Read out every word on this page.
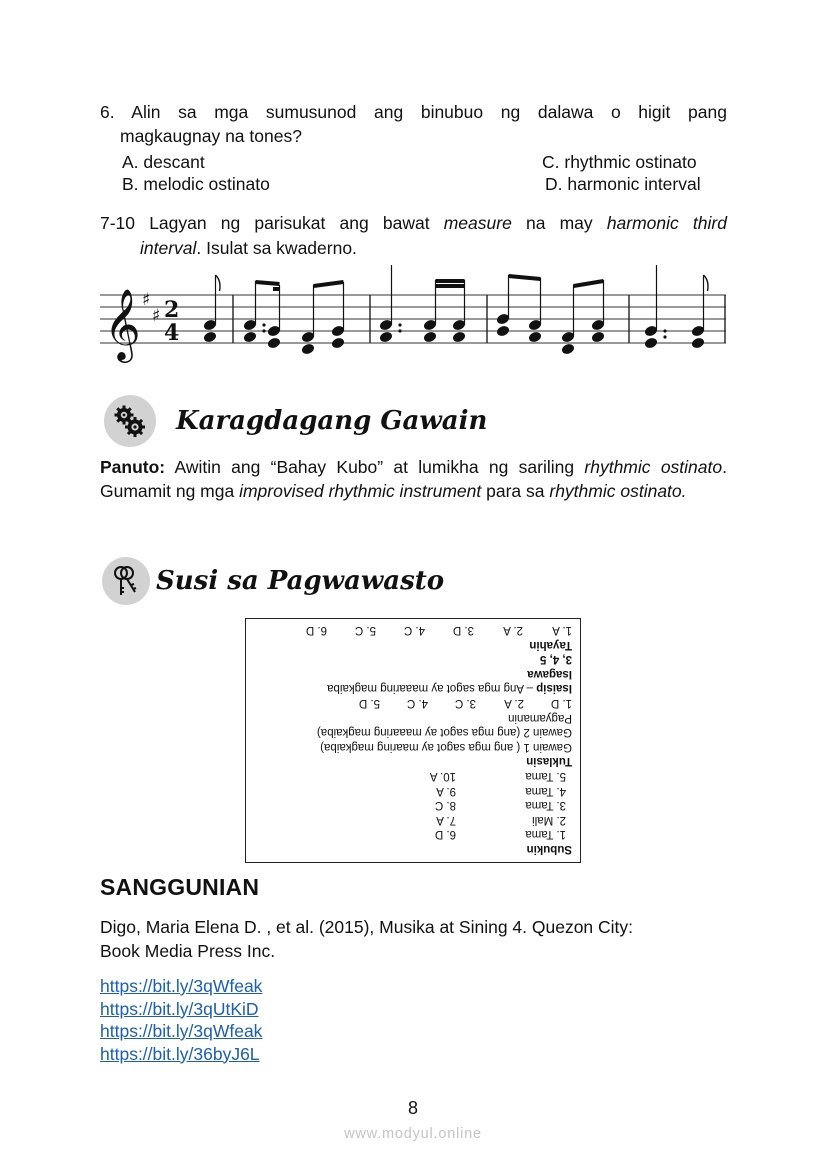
6. Alin sa mga sumusunod ang binubuo ng dalawa o higit pang
magkaugnay na tones?
A. descant
B. melodic ostinato
C. rhythmic ostinato
D. harmonic interval
7-10 Lagyan ng parisukat ang bawat measure na may harmonic third
interval. Isulat sa kwaderno.
𝄞 ♯
♯ 2
4
Karagdagang Gawain
Panuto: Awitin ang “Bahay Kubo” at lumikha ng sariling rhythmic ostinato. Gumamit ng mga improvised rhythmic instrument para sa rhythmic ostinato.
Susi sa Pagwawasto
Subukin
1. Tama
6. D
2. Mali
7. A
3. Tama
8. C
4. Tama
9. A
5. Tama
10. A
Tuklasin
Gawain 1 ( ang mga sagot ay maaring magkaiba)
Gawain 2 (ang mga sagot ay maaaring magkaiba)
Pagyamanin
1. D
2. A
3. C
4. C
5. D
Isaisip – Ang mga sagot ay maaaring magkaiba
Isagawa
3, 4, 5
Tayahin
1. A
2. A
3. D
4. C
5. C
6. D
SANGGUNIAN
Digo, Maria Elena D. , et al. (2015), Musika at Sining 4. Quezon City:
Book Media Press Inc.
https://bit.ly/3qWfeak
https://bit.ly/3qUtKiD
https://bit.ly/3qWfeak
https://bit.ly/36byJ6L
8
www.modyul.online
